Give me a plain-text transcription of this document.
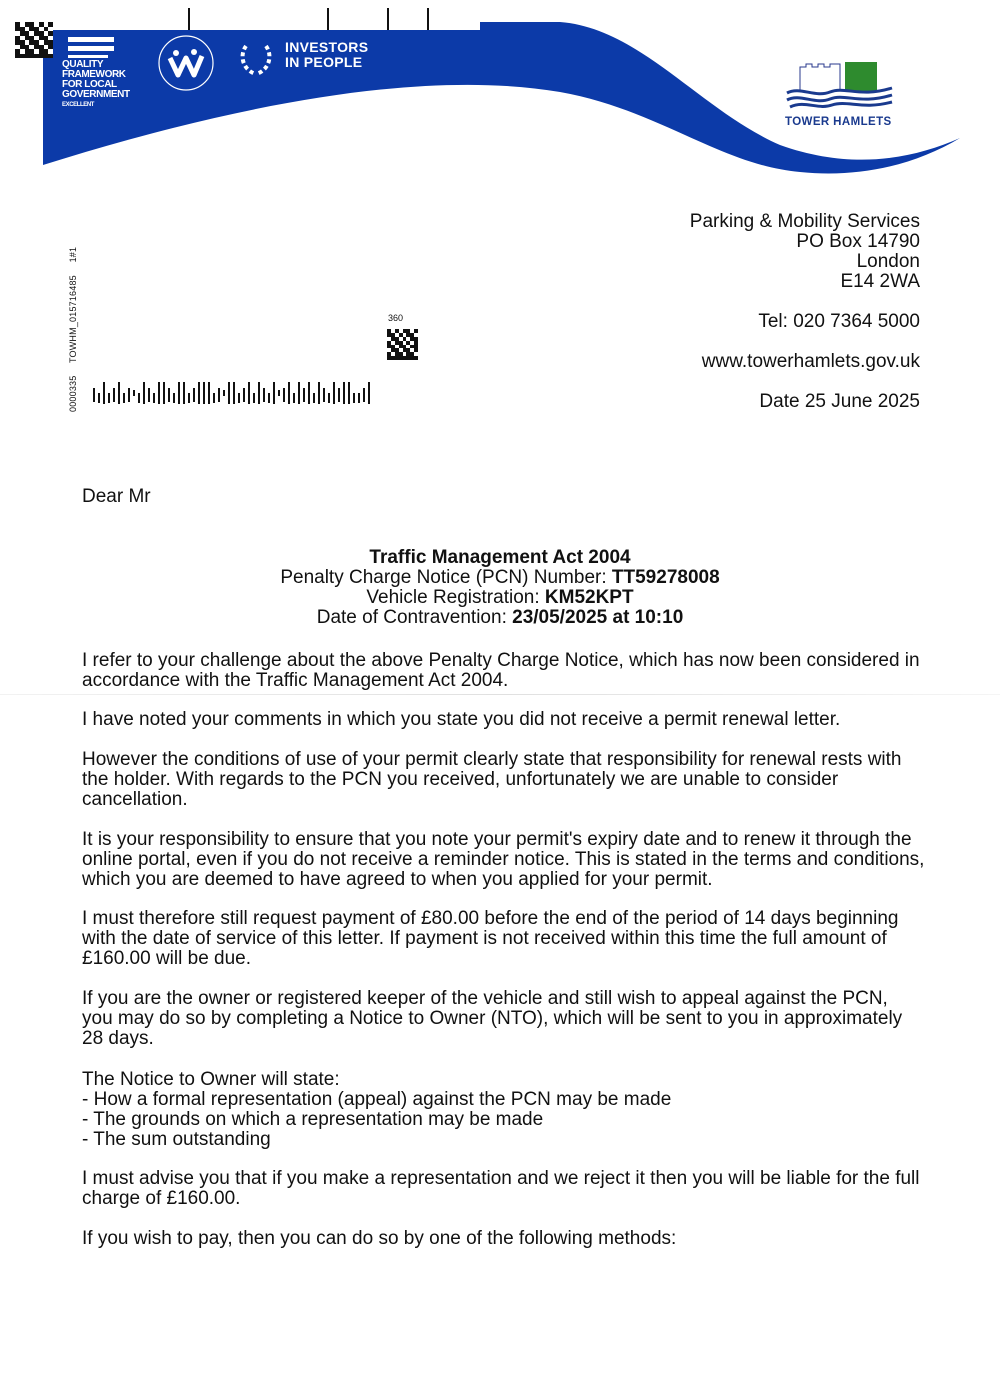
QUALITY
FRAMEWORK
FOR LOCAL
GOVERNMENT
EXCELLENT
INVESTORS
IN PEOPLE
TOWER HAMLETS
Parking & Mobility Services
PO Box 14790
London
E14 2WA
Tel: 020 7364 5000
www.towerhamlets.gov.uk
Date 25 June 2025
0000335 TOWHM_015716485 1#1
360
Dear Mr
Traffic Management Act 2004
Penalty Charge Notice (PCN) Number: TT59278008
Vehicle Registration: KM52KPT
Date of Contravention: 23/05/2025 at 10:10

I refer to your challenge about the above Penalty Charge Notice, which has now been considered in accordance with the Traffic Management Act 2004.

I have noted your comments in which you state you did not receive a permit renewal letter.

However the conditions of use of your permit clearly state that responsibility for renewal rests with the holder. With regards to the PCN you received, unfortunately we are unable to consider cancellation.

It is your responsibility to ensure that you note your permit's expiry date and to renew it through the online portal, even if you do not receive a reminder notice. This is stated in the terms and conditions, which you are deemed to have agreed to when you applied for your permit.

I must therefore still request payment of £80.00 before the end of the period of 14 days beginning with the date of service of this letter. If payment is not received within this time the full amount of £160.00 will be due.

If you are the owner or registered keeper of the vehicle and still wish to appeal against the PCN, you may do so by completing a Notice to Owner (NTO), which will be sent to you in approximately 28 days.

The Notice to Owner will state:

- How a formal representation (appeal) against the PCN may be made

- The grounds on which a representation may be made

- The sum outstanding

I must advise you that if you make a representation and we reject it then you will be liable for the full charge of £160.00.

If you wish to pay, then you can do so by one of the following methods:
